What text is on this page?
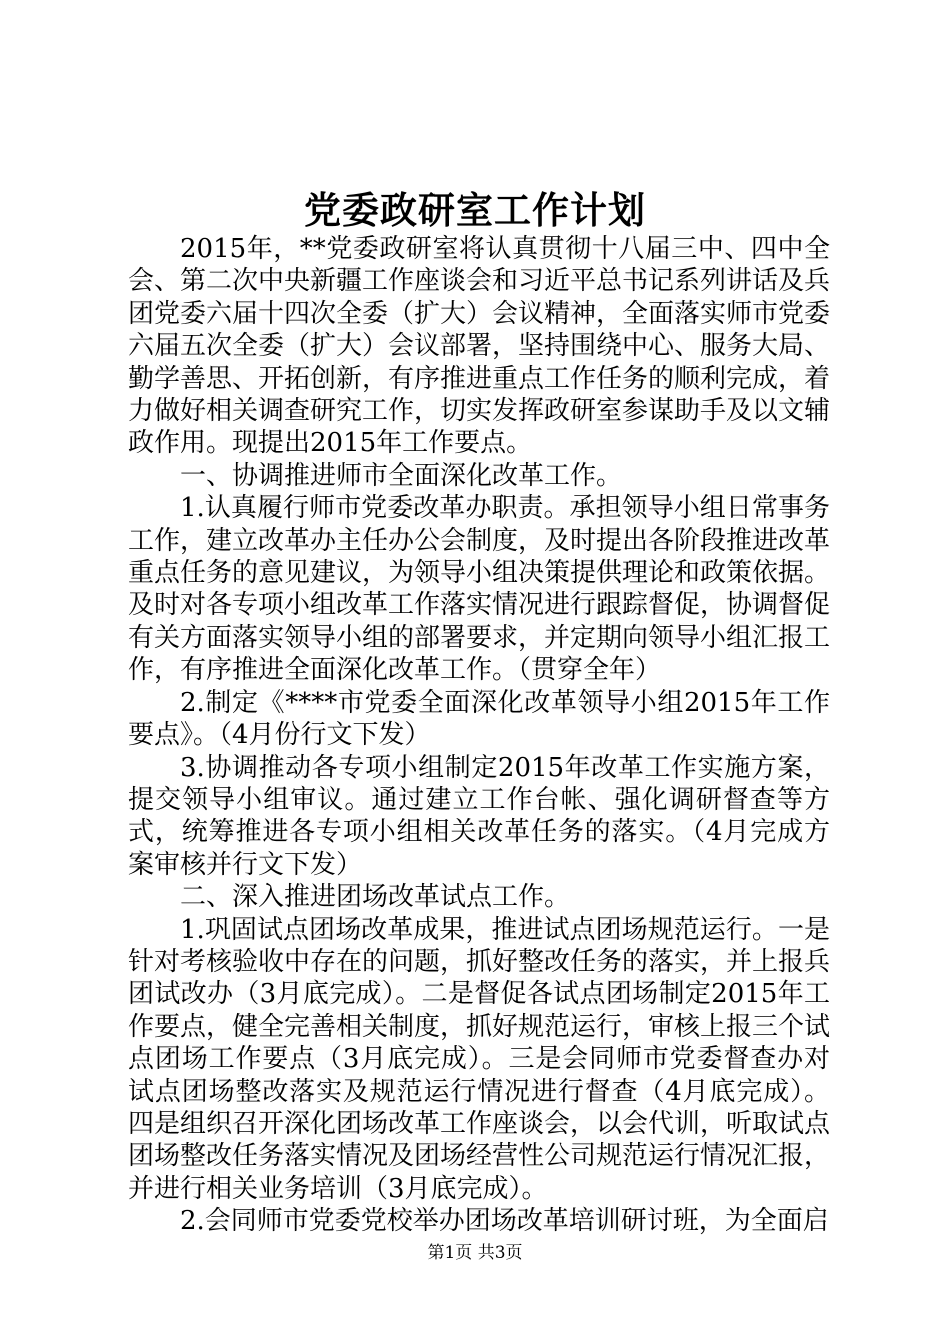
党委政研室工作计划

2015年，**党委政研室将认真贯彻十八届三中、四中全会、第二次中央新疆工作座谈会和习近平总书记系列讲话及兵团党委六届十四次全委（扩大）会议精神，全面落实师市党委六届五次全委（扩大）会议部署，坚持围绕中心、服务大局、勤学善思、开拓创新，有序推进重点工作任务的顺利完成，着力做好相关调查研究工作，切实发挥政研室参谋助手及以文辅政作用。现提出2015年工作要点。

一、协调推进师市全面深化改革工作。

1.认真履行师市党委改革办职责。承担领导小组日常事务工作，建立改革办主任办公会制度，及时提出各阶段推进改革重点任务的意见建议，为领导小组决策提供理论和政策依据。及时对各专项小组改革工作落实情况进行跟踪督促，协调督促有关方面落实领导小组的部署要求，并定期向领导小组汇报工作，有序推进全面深化改革工作。（贯穿全年）

2.制定《****市党委全面深化改革领导小组2015年工作要点》。（4月份行文下发）

3.协调推动各专项小组制定2015年改革工作实施方案，提交领导小组审议。通过建立工作台帐、强化调研督查等方式，统筹推进各专项小组相关改革任务的落实。（4月完成方案审核并行文下发）

二、深入推进团场改革试点工作。

1.巩固试点团场改革成果，推进试点团场规范运行。一是针对考核验收中存在的问题，抓好整改任务的落实，并上报兵团试改办（3月底完成）。二是督促各试点团场制定2015年工作要点，健全完善相关制度，抓好规范运行，审核上报三个试点团场工作要点（3月底完成）。三是会同师市党委督查办对试点团场整改落实及规范运行情况进行督查（4月底完成）。四是组织召开深化团场改革工作座谈会，以会代训，听取试点团场整改任务落实情况及团场经营性公司规范运行情况汇报，并进行相关业务培训（3月底完成）。

2.会同师市党委党校举办团场改革培训研讨班，为全面启

第1页 共3页
